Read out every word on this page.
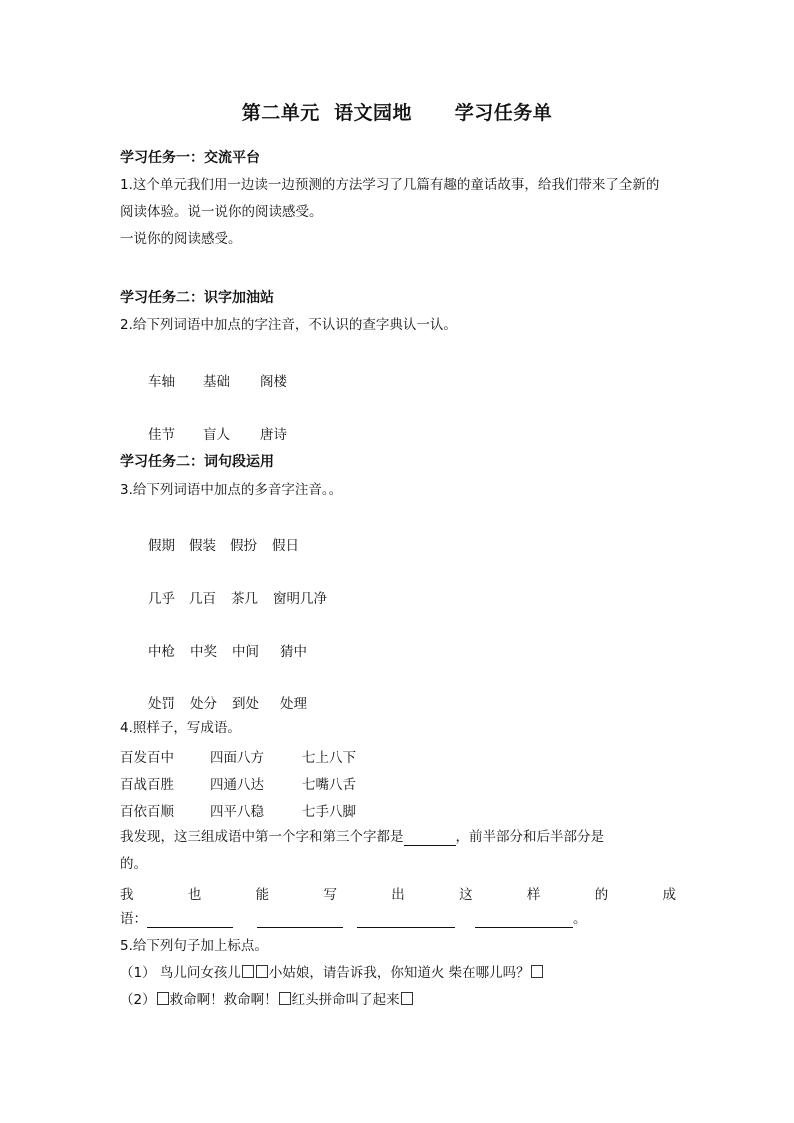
第二单元  语文园地      学习任务单
学习任务一：交流平台
1.这个单元我们用一边读一边预测的方法学习了几篇有趣的童话故事，给我们带来了全新的
阅读体验。说一说你的阅读感受。
一说你的阅读感受。
学习任务二：识字加油站
2.给下列词语中加点的字注音，不认识的查字典认一认。
车轴 基础 阁楼
佳节 盲人 唐诗
学习任务二：词句段运用
3.给下列词语中加点的多音字注音。。
假期 假装 假扮 假日
几乎 几百 茶几 窗明几净
中枪 中奖 中间 猜中
处罚 处分 到处 处理
4.照样子，写成语。
百发百中	四面八方	七上八下
百战百胜	四通八达	七嘴八舌
百依百顺	四平八稳	七手八脚
我发现，这三组成语中第一个字和第三个字都是	，前半部分和后半部分是
的。
我	也	能	写	出	这	样	的	成
语：	。
5.给下列句子加上标点。
（1） 鸟儿问女孩儿 小姑娘，请告诉我，你知道火 柴在哪儿吗？
（2） 救命啊！救命啊！ 红头拼命叫了起来
